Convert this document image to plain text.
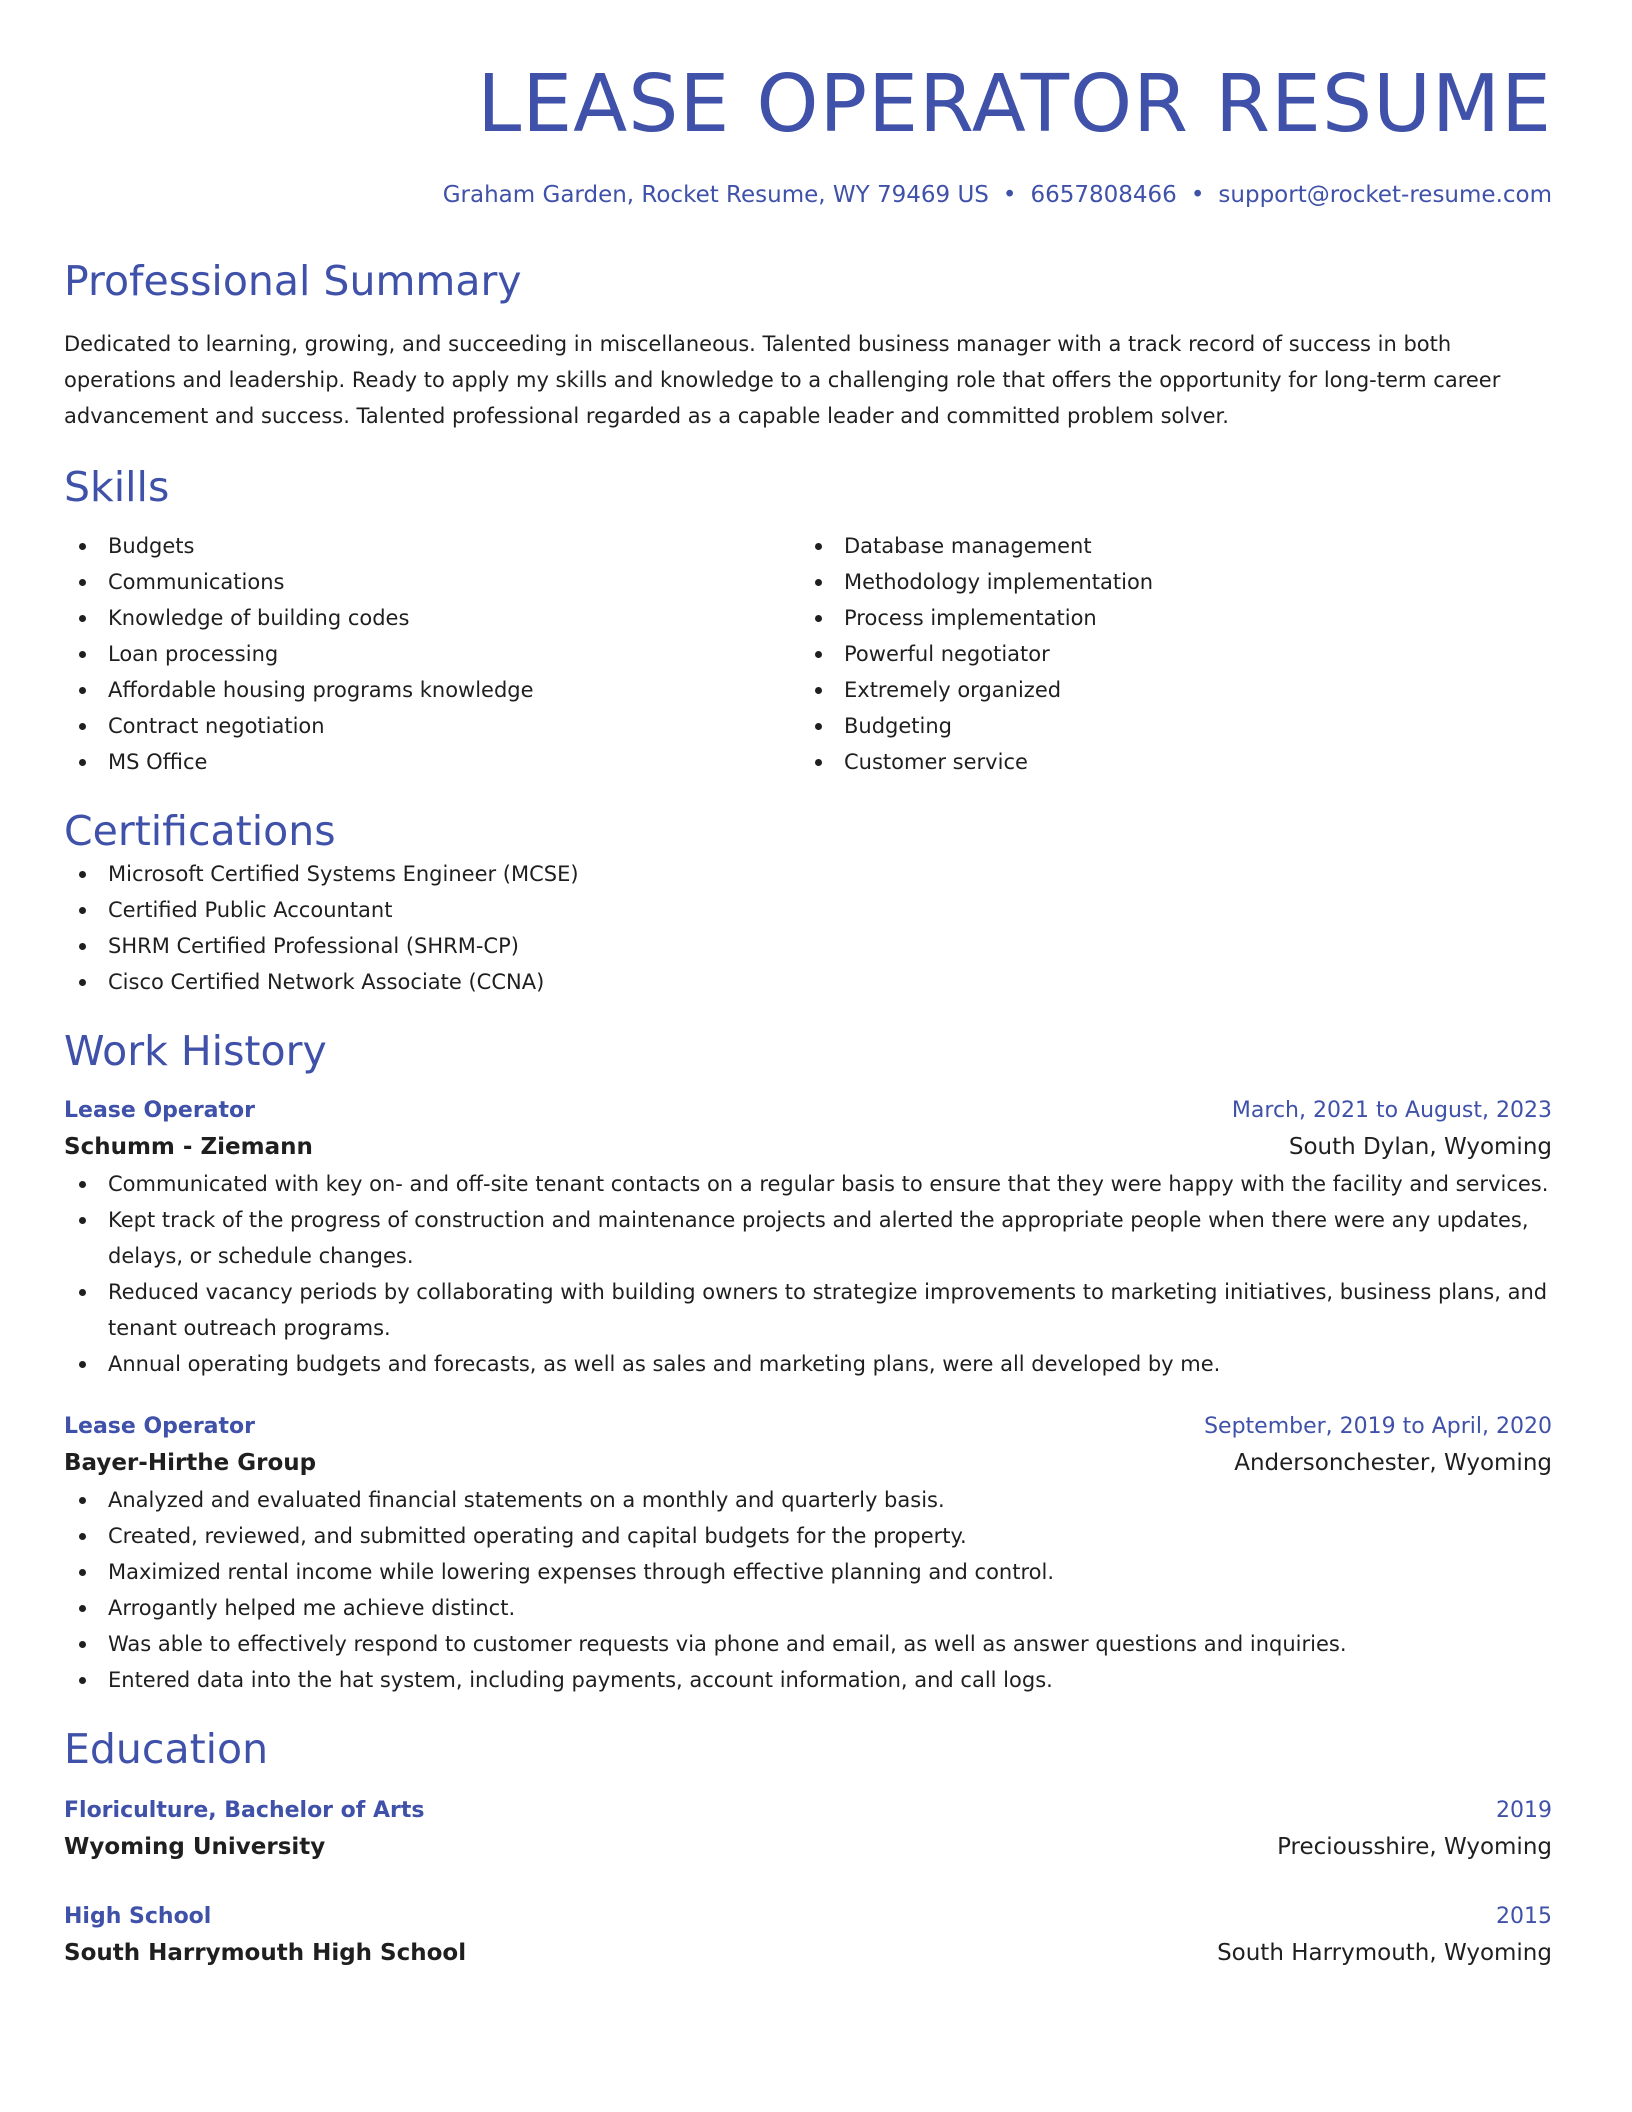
LEASE OPERATOR RESUME
Graham Garden, Rocket Resume, WY 79469 US • 6657808466 • support@rocket-resume.com
Professional Summary
Dedicated to learning, growing, and succeeding in miscellaneous. Talented business manager with a track record of success in both operations and leadership. Ready to apply my skills and knowledge to a challenging role that offers the opportunity for long-term career advancement and success. Talented professional regarded as a capable leader and committed problem solver.
Skills
Budgets
Communications
Knowledge of building codes
Loan processing
Affordable housing programs knowledge
Contract negotiation
MS Office
Database management
Methodology implementation
Process implementation
Powerful negotiator
Extremely organized
Budgeting
Customer service
Certifications
Microsoft Certified Systems Engineer (MCSE)
Certified Public Accountant
SHRM Certified Professional (SHRM-CP)
Cisco Certified Network Associate (CCNA)
Work History
Lease Operator	March, 2021 to August, 2023
Schumm - Ziemann	South Dylan, Wyoming
Communicated with key on- and off-site tenant contacts on a regular basis to ensure that they were happy with the facility and services.
Kept track of the progress of construction and maintenance projects and alerted the appropriate people when there were any updates, delays, or schedule changes.
Reduced vacancy periods by collaborating with building owners to strategize improvements to marketing initiatives, business plans, and tenant outreach programs.
Annual operating budgets and forecasts, as well as sales and marketing plans, were all developed by me.
Lease Operator	September, 2019 to April, 2020
Bayer-Hirthe Group	Andersonchester, Wyoming
Analyzed and evaluated financial statements on a monthly and quarterly basis.
Created, reviewed, and submitted operating and capital budgets for the property.
Maximized rental income while lowering expenses through effective planning and control.
Arrogantly helped me achieve distinct.
Was able to effectively respond to customer requests via phone and email, as well as answer questions and inquiries.
Entered data into the hat system, including payments, account information, and call logs.
Education
Floriculture, Bachelor of Arts	2019
Wyoming University	Preciousshire, Wyoming
High School	2015
South Harrymouth High School	South Harrymouth, Wyoming
